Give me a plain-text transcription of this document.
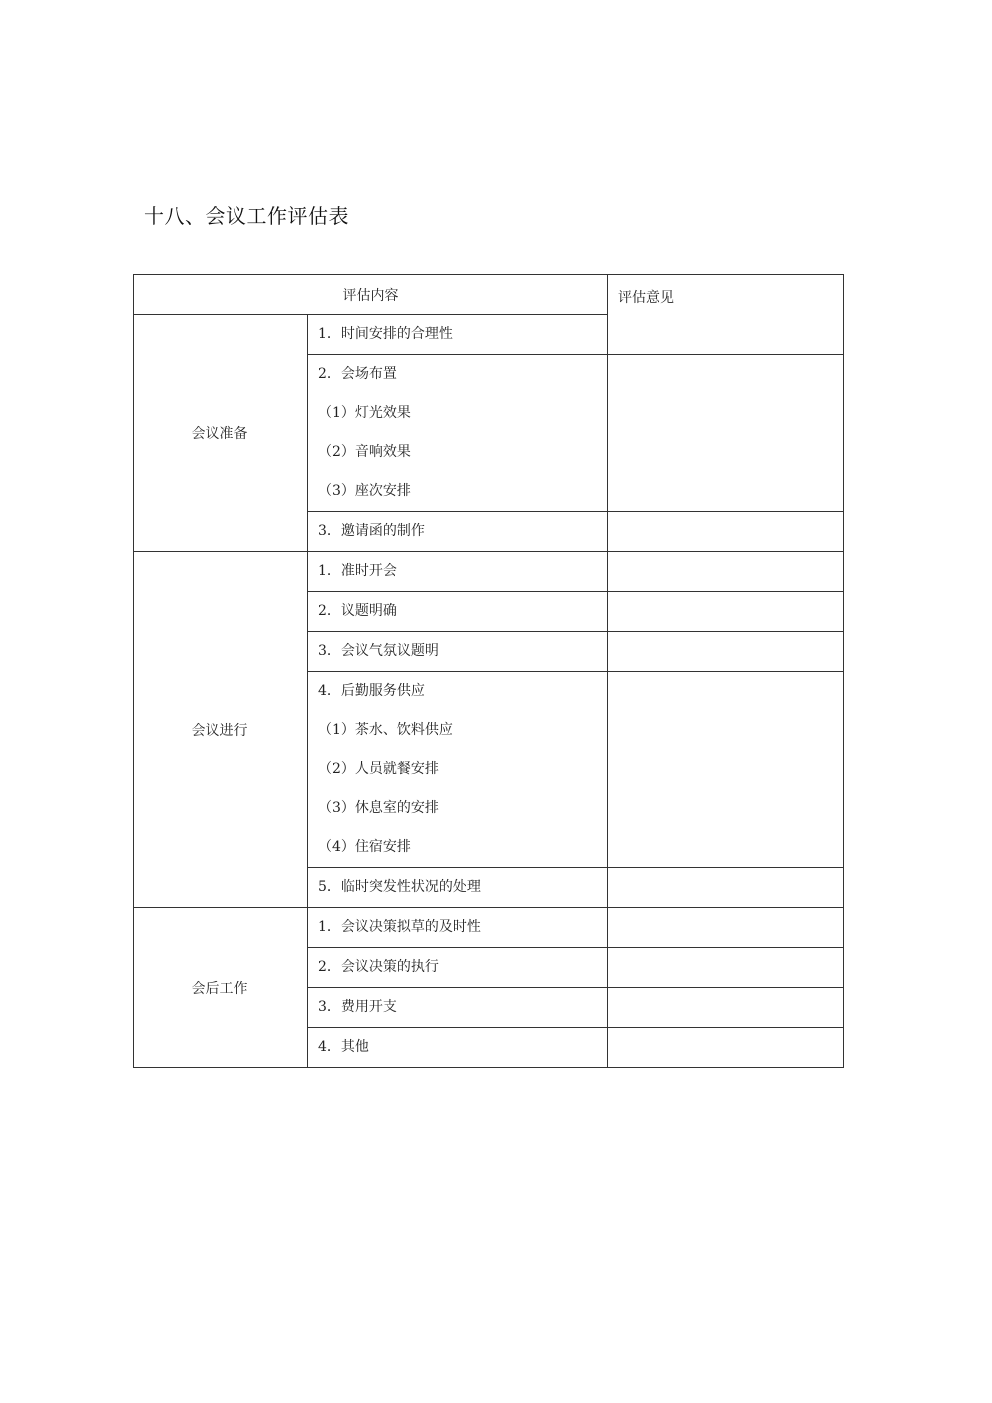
十八、会议工作评估表
评估内容		评估意见
会议准备	1．时间安排的合理性	

	2．会场布置
（1）灯光效果
（2）音响效果
（3）座次安排	

	3．邀请函的制作	

会议进行	1．准时开会	

	2．议题明确	

	3．会议气氛议题明	

	4．后勤服务供应
（1）茶水、饮料供应
（2）人员就餐安排
（3）休息室的安排
（4）住宿安排	

	5．临时突发性状况的处理	

会后工作	1．会议决策拟草的及时性	

	2．会议决策的执行	

	3．费用开支	

	4．其他	
